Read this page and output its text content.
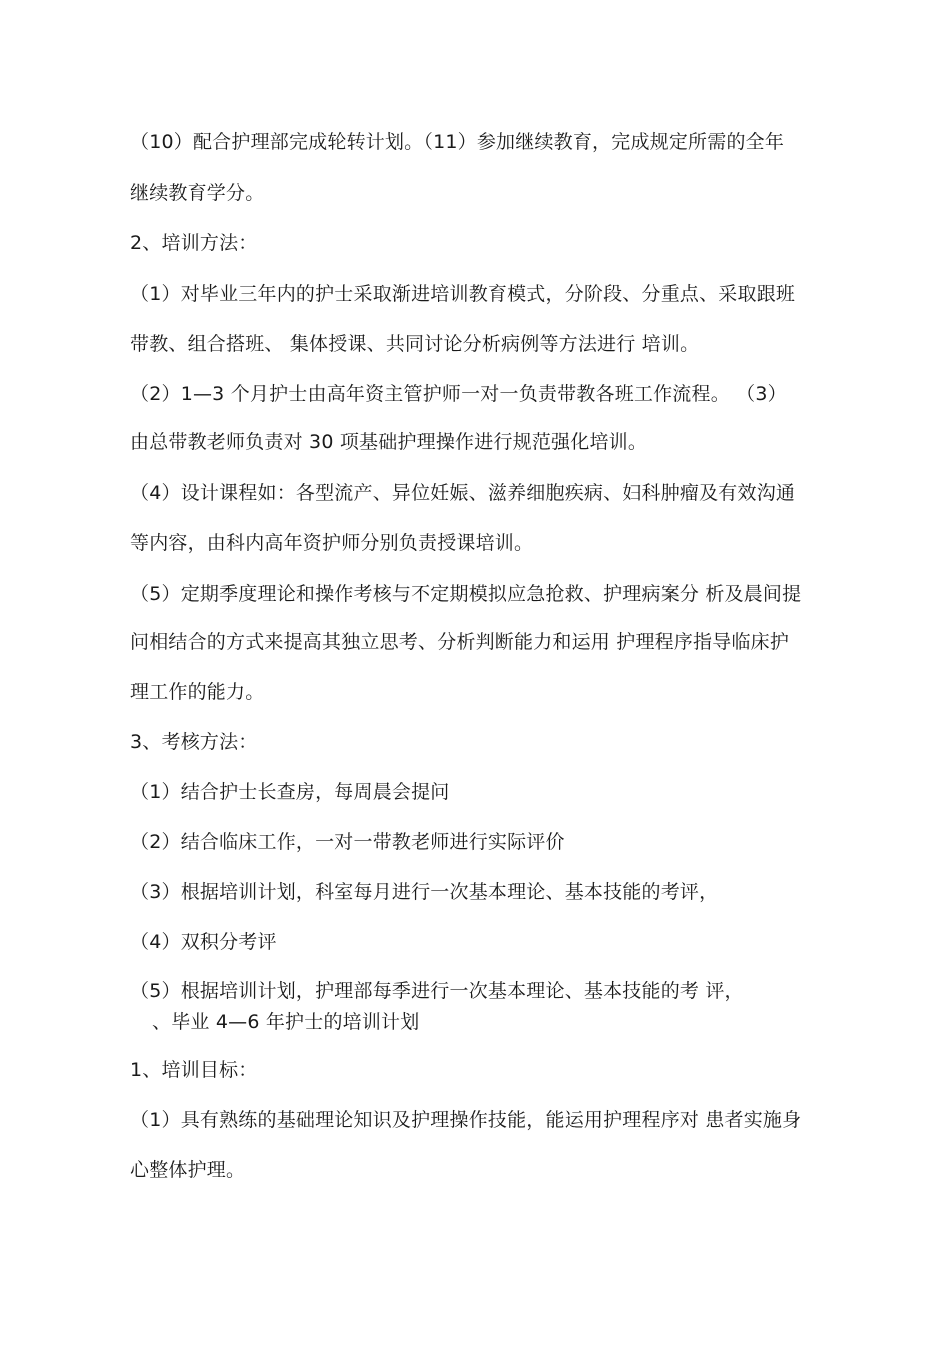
（10）配合护理部完成轮转计划。（11）参加继续教育，完成规定所需的全年
继续教育学分。
2、培训方法：
（1）对毕业三年内的护士采取渐进培训教育模式，分阶段、分重点、采取跟班
带教、组合搭班、 集体授课、共同讨论分析病例等方法进行 培训。
（2）1—3 个月护士由高年资主管护师一对一负责带教各班工作流程。 （3）
由总带教老师负责对 30 项基础护理操作进行规范强化培训。
（4）设计课程如：各型流产、异位妊娠、滋养细胞疾病、妇科肿瘤及有效沟通
等内容，由科内高年资护师分别负责授课培训。
（5）定期季度理论和操作考核与不定期模拟应急抢救、护理病案分 析及晨间提
问相结合的方式来提高其独立思考、分析判断能力和运用 护理程序指导临床护
理工作的能力。
3、考核方法：
（1）结合护士长查房，每周晨会提问
（2）结合临床工作，一对一带教老师进行实际评价
（3）根据培训计划，科室每月进行一次基本理论、基本技能的考评，
（4）双积分考评
（5）根据培训计划，护理部每季进行一次基本理论、基本技能的考 评，
、毕业 4—6 年护士的培训计划
1、培训目标：
（1）具有熟练的基础理论知识及护理操作技能，能运用护理程序对 患者实施身
心整体护理。
